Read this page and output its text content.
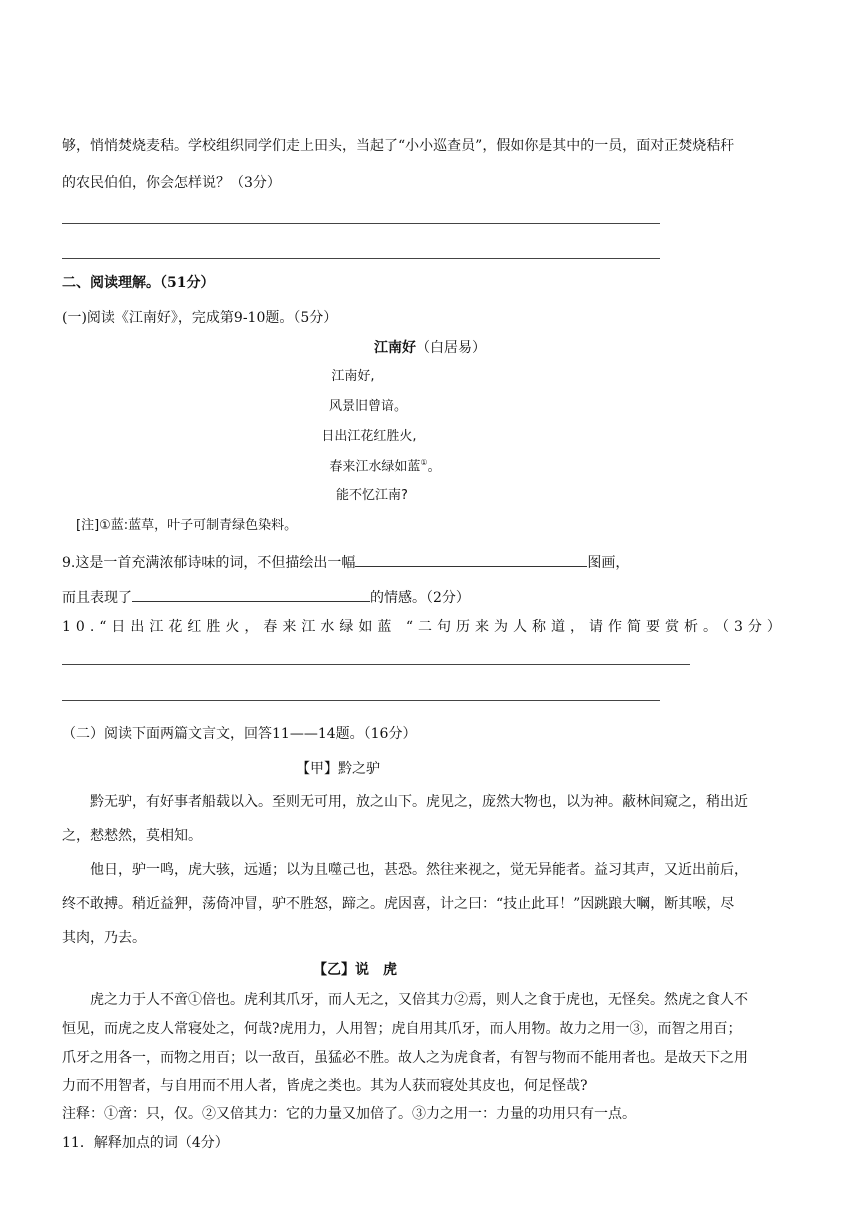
够，悄悄焚烧麦秸。学校组织同学们走上田头，当起了“小小巡查员”，假如你是其中的一员，面对正焚烧秸秆
的农民伯伯，你会怎样说？（3分）
二、阅读理解。（51分）
(一)阅读《江南好》，完成第9-10题。（5分）
江南好（白居易）
江南好,
风景旧曾谙。
日出江花红胜火,
春来江水绿如蓝①。
能不忆江南?
[注]①蓝:蓝草，叶子可制青绿色染料。
9.这是一首充满浓郁诗味的词，不但描绘出一幅	图画，
而且表现了	的情感。（2分）
10.“日出江花红胜火，春来江水绿如蓝 “二句历来为人称道，请作简要赏析。（3分）
（二）阅读下面两篇文言文，回答11——14题。（16分）
【甲】黔之驴
黔无驴，有好事者船载以入。至则无可用，放之山下。虎见之，庞然大物也，以为神。蔽林间窥之，稍出近
之，慭慭然，莫相知。
他日，驴一鸣，虎大骇，远遁；以为且噬己也，甚恐。然往来视之，觉无异能者。益习其声，又近出前后，
终不敢搏。稍近益狎，荡倚冲冒，驴不胜怒，蹄之。虎因喜，计之曰：“技止此耳！”因跳踉大㘎，断其喉，尽
其肉，乃去。
【乙】说　虎
虎之力于人不啻①倍也。虎利其爪牙，而人无之，又倍其力②焉，则人之食于虎也，无怪矣。然虎之食人不
恒见，而虎之皮人常寝处之，何哉?虎用力，人用智；虎自用其爪牙，而人用物。故力之用一③，而智之用百；
爪牙之用各一，而物之用百；以一敌百，虽猛必不胜。故人之为虎食者，有智与物而不能用者也。是故天下之用
力而不用智者，与自用而不用人者，皆虎之类也。其为人获而寝处其皮也，何足怪哉?
注释：①啻：只，仅。②又倍其力：它的力量又加倍了。③力之用一：力量的功用只有一点。
11．解释加点的词（4分）
